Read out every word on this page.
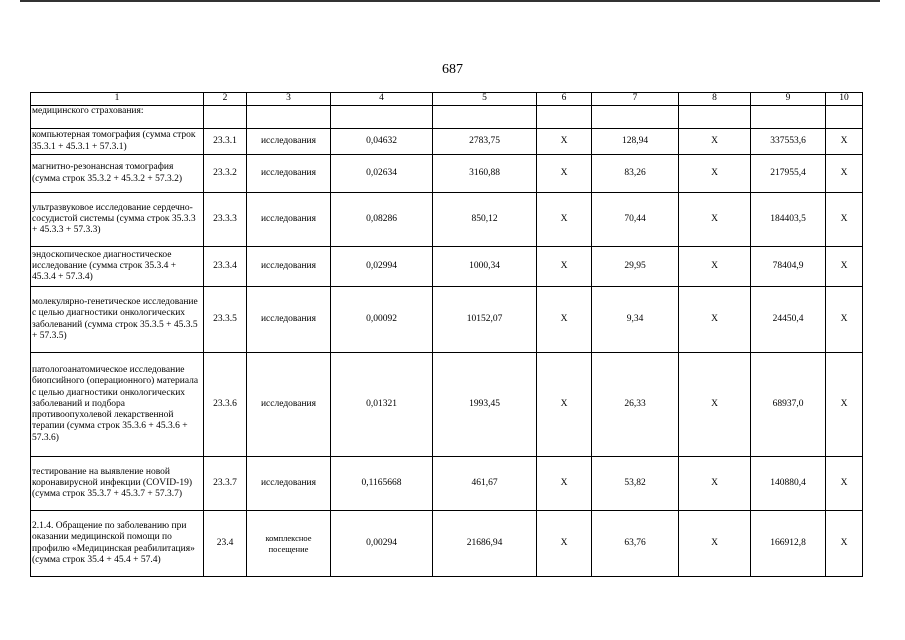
687
1	2	3	4	5	6	7	8	9	10
медицинского страхования:									
компьютерная томография (сумма строк 35.3.1 + 45.3.1 + 57.3.1)	23.3.1	исследования	0,04632	2783,75	X	128,94	X	337553,6	X
магнитно-резонансная томография (сумма строк 35.3.2 + 45.3.2 + 57.3.2)	23.3.2	исследования	0,02634	3160,88	X	83,26	X	217955,4	X
ультразвуковое исследование сердечно-сосудистой системы (сумма строк 35.3.3 + 45.3.3 + 57.3.3)	23.3.3	исследования	0,08286	850,12	X	70,44	X	184403,5	X
эндоскопическое диагностическое исследование (сумма строк 35.3.4 + 45.3.4 + 57.3.4)	23.3.4	исследования	0,02994	1000,34	X	29,95	X	78404,9	X
молекулярно-генетическое исследование с целью диагностики онкологических заболеваний (сумма строк 35.3.5 + 45.3.5 + 57.3.5)	23.3.5	исследования	0,00092	10152,07	X	9,34	X	24450,4	X
патологоанатомическое исследование биопсийного (операционного) материала с целью диагностики онкологических заболеваний и подбора противоопухолевой лекарственной терапии (сумма строк 35.3.6 + 45.3.6 + 57.3.6)	23.3.6	исследования	0,01321	1993,45	X	26,33	X	68937,0	X
тестирование на выявление новой коронавирусной инфекции (COVID-19) (сумма строк 35.3.7 + 45.3.7 + 57.3.7)	23.3.7	исследования	0,1165668	461,67	X	53,82	X	140880,4	X
2.1.4. Обращение по заболеванию при оказании медицинской помощи по профилю «Медицинская реабилитация» (сумма строк 35.4 + 45.4 + 57.4)	23.4	комплексное посещение	0,00294	21686,94	X	63,76	X	166912,8	X
